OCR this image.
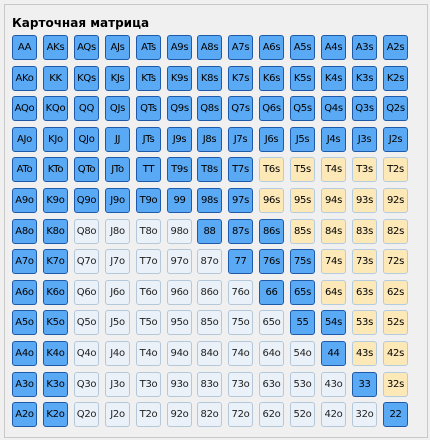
Карточная матрица
AA	AKs	AQs	AJs	ATs	A9s	A8s	A7s	A6s	A5s	A4s	A3s	A2s
AKo	KK	KQs	KJs	KTs	K9s	K8s	K7s	K6s	K5s	K4s	K3s	K2s
AQo KQo	QQ	QJs	QTs	Q9s	Q8s	Q7s	Q6s	Q5s	Q4s	Q3s	Q2s
AJo	KJo	QJo	JJ	JTs	J9s	J8s	J7s	J6s	J5s	J4s	J3s	J2s
ATo	KTo	QTo	JTo	TT	T9s	T8s	T7s	T6s	T5s	T4s	T3s	T2s
A9o	K9o	Q9o	J9o	T9o	99	98s	97s	96s	95s	94s	93s	92s
A8o	K8o	Q8o	J8o	T8o	98o	88	87s	86s	85s	84s	83s	82s
A7o	K7o	Q7o	J7o	T7o	97o	87o	77	76s	75s	74s	73s	72s
A6o	K6o	Q6o	J6o	T6o	96o	86o	76o	66	65s	64s	63s	62s
A5o	K5o	Q5o	J5o	T5o	95o	85o	75o	65o	55	54s	53s	52s
A4o	K4o	Q4o	J4o	T4o	94o	84o	74o	64o	54o	44	43s	42s
A3o	K3o	Q3o	J3o	T3o	93o	83o	73o	63o	53o	43o	33	32s
A2o	K2o	Q2o	J2o	T2o	92o	82o	72o	62o	52o	42o	32o	22
